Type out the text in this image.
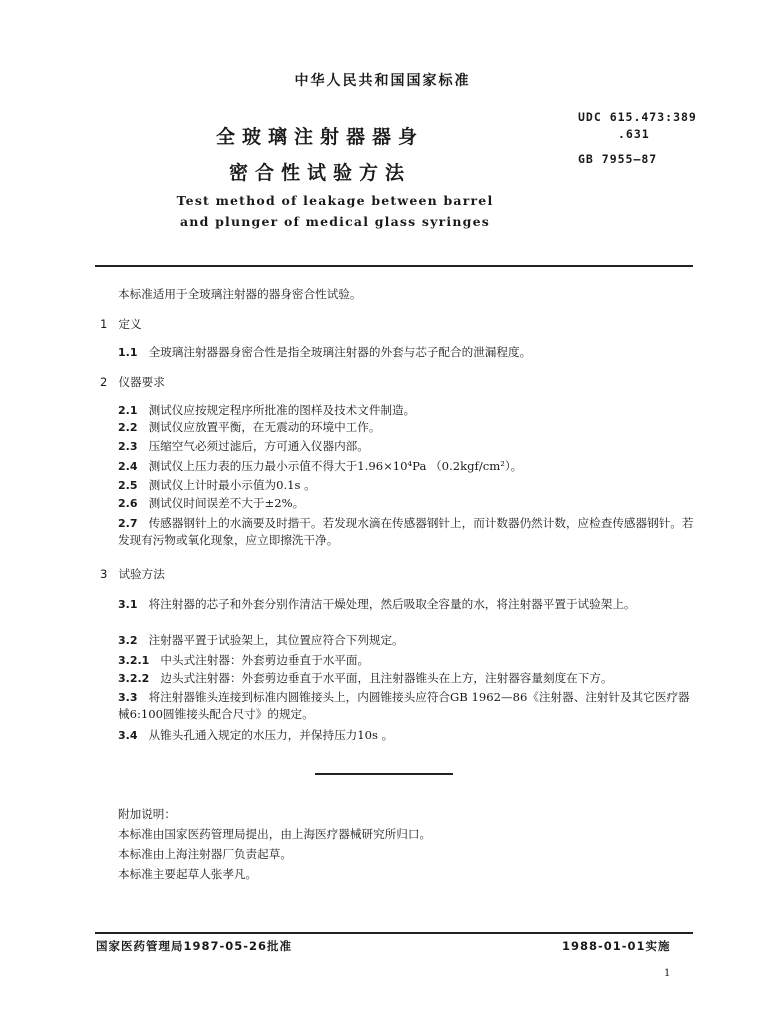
中华人民共和国国家标准
全玻璃注射器器身
密合性试验方法
Test method of leakage between barrel
and plunger of medical glass syringes
UDC 615.473:389
.631
GB 7955—87
本标准适用于全玻璃注射器的器身密合性试验。
1 定义
1.1 全玻璃注射器器身密合性是指全玻璃注射器的外套与芯子配合的泄漏程度。
2 仪器要求
2.1 测试仪应按规定程序所批准的图样及技术文件制造。
2.2 测试仪应放置平衡，在无震动的环境中工作。
2.3 压缩空气必须过滤后，方可通入仪器内部。
2.4 测试仪上压力表的压力最小示值不得大于1.96×10⁴Pa （0.2kgf/cm²）。
2.5 测试仪上计时最小示值为0.1s 。
2.6 测试仪时间误差不大于±2%。
2.7 传感器钢针上的水滴要及时揩干。若发现水滴在传感器钢针上，而计数器仍然计数，应检查传感器钢针。若发现有污物或氧化现象，应立即擦洗干净。
3 试验方法
3.1 将注射器的芯子和外套分别作清洁干燥处理，然后吸取全容量的水，将注射器平置于试验架上。
3.2 注射器平置于试验架上，其位置应符合下列规定。
3.2.1 中头式注射器：外套剪边垂直于水平面。
3.2.2 边头式注射器：外套剪边垂直于水平面，且注射器锥头在上方，注射器容量刻度在下方。
3.3 将注射器锥头连接到标准内圆锥接头上，内圆锥接头应符合GB 1962—86《注射器、注射针及其它医疗器械6:100圆锥接头配合尺寸》的规定。
3.4 从锥头孔通入规定的水压力，并保持压力10s 。
附加说明：
本标准由国家医药管理局提出，由上海医疗器械研究所归口。
本标准由上海注射器厂负责起草。
本标准主要起草人张孝凡。
国家医药管理局1987-05-26批准	1988-01-01实施
1
